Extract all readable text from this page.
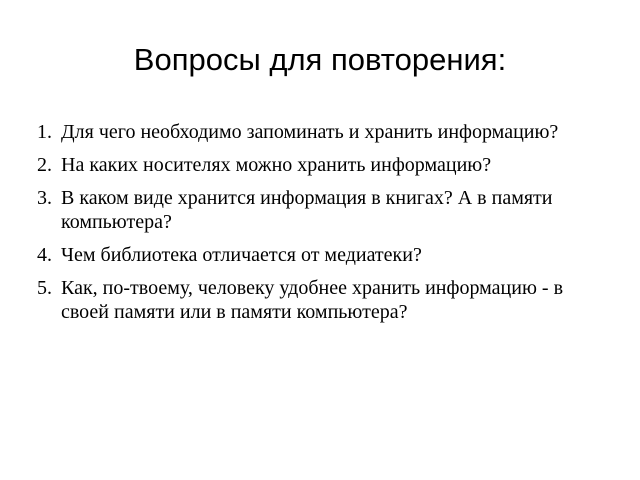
Вопросы для повторения:
1. Для чего необходимо запоминать и хранить информацию?
2. На каких носителях можно хранить информацию?
3. В каком виде хранится информация в книгах? А в памяти компьютера?
4. Чем библиотека отличается от медиатеки?
5. Как, по-твоему, человеку удобнее хранить информацию - в своей памяти или в памяти компьютера?
